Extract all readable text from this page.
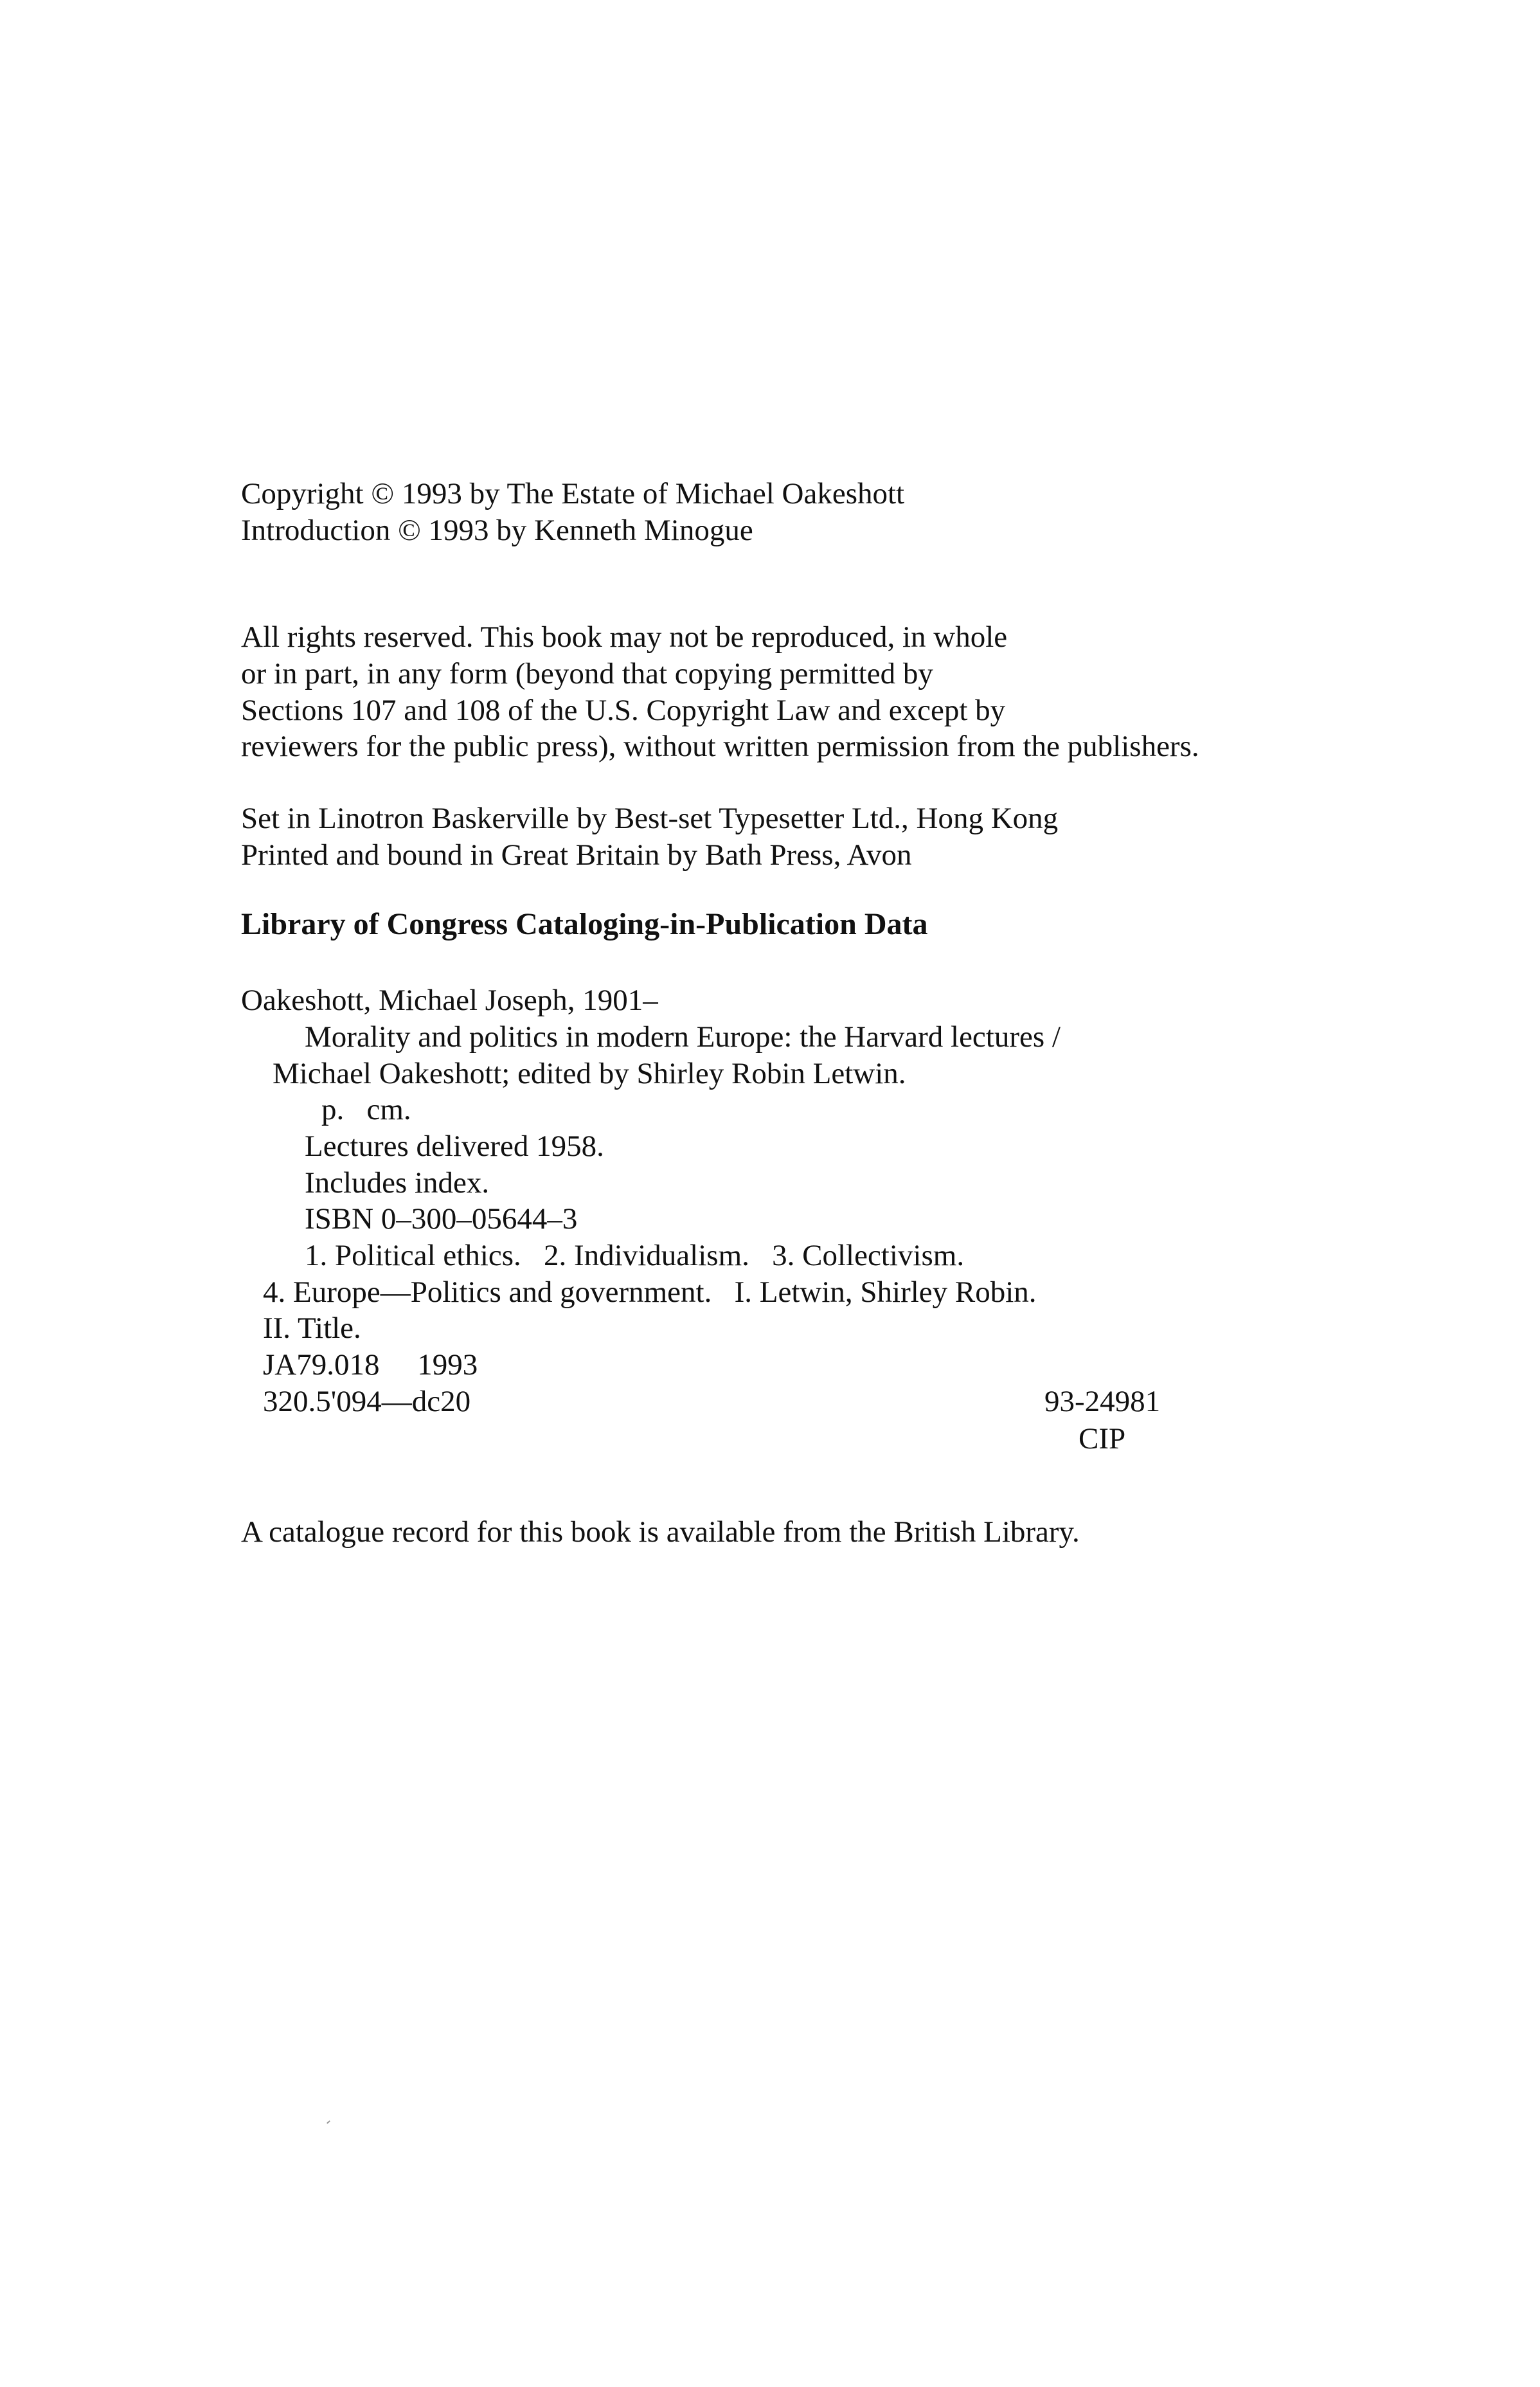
Copyright © 1993 by The Estate of Michael Oakeshott
Introduction © 1993 by Kenneth Minogue
All rights reserved. This book may not be reproduced, in whole
or in part, in any form (beyond that copying permitted by
Sections 107 and 108 of the U.S. Copyright Law and except by
reviewers for the public press), without written permission from the publishers.
Set in Linotron Baskerville by Best-set Typesetter Ltd., Hong Kong
Printed and bound in Great Britain by Bath Press, Avon
Library of Congress Cataloging-in-Publication Data
Oakeshott, Michael Joseph, 1901–
Morality and politics in modern Europe: the Harvard lectures /
Michael Oakeshott; edited by Shirley Robin Letwin.
p.   cm.
Lectures delivered 1958.
Includes index.
ISBN 0–300–05644–3
1. Political ethics.   2. Individualism.   3. Collectivism.
4. Europe—Politics and government.   I. Letwin, Shirley Robin.
II. Title.
JA79.018     1993
320.5'094—dc20	93-24981
CIP
A catalogue record for this book is available from the British Library.
